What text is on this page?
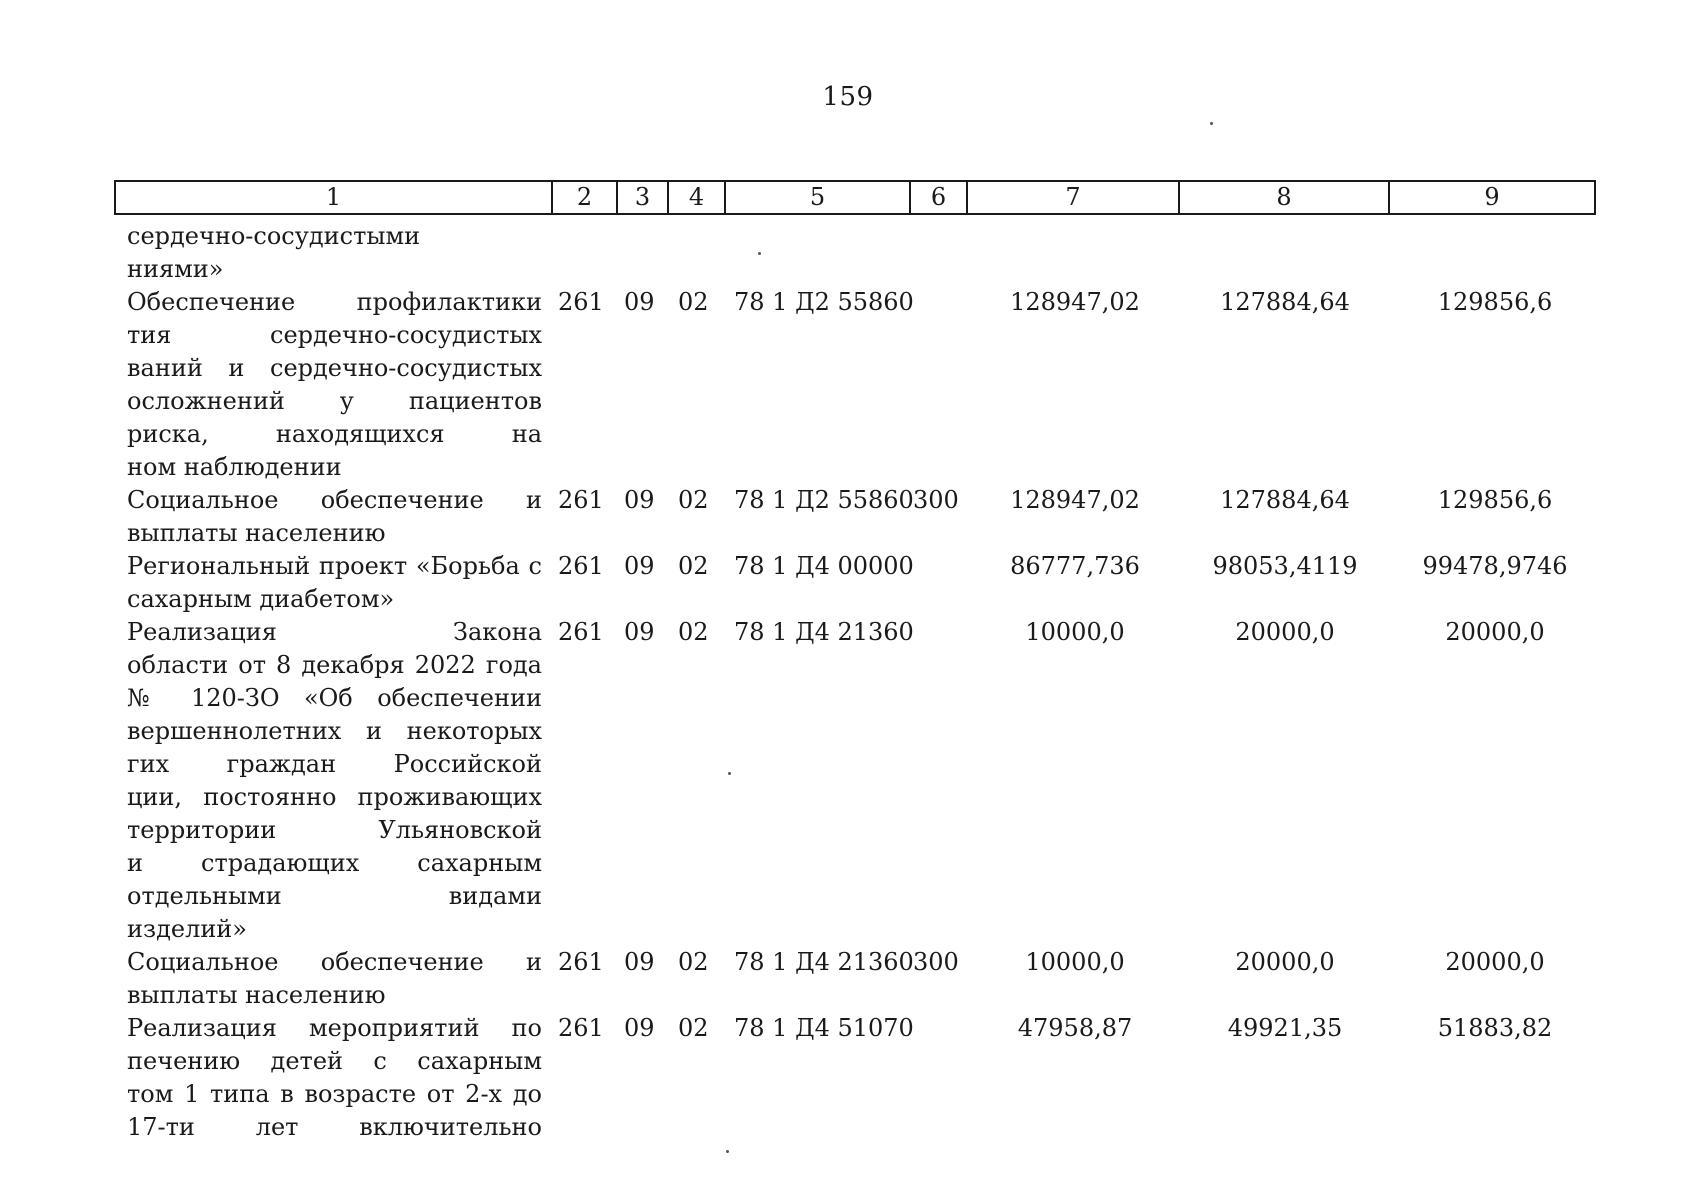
159
1	2	3	4	5	6	7	8	9
сердечно-сосудистыми
ниями»
Обеспечение профилактики
тия сердечно-сосудистых
ваний и сердечно-сосудистых
осложнений у пациентов
риска, находящихся на
ном наблюдении
261 09 02	78 1 Д2 55860	128947,02	127884,64	129856,6
Социальное обеспечение и
выплаты населению
261 09 02	78 1 Д2 55860 300	128947,02	127884,64	129856,6
Региональный проект «Борьба с
сахарным диабетом»
261 09 02	78 1 Д4 00000	86777,736	98053,4119	99478,9746
Реализация Закона
области от 8 декабря 2022 года
№ 120-ЗО «Об обеспечении
вершеннолетних и некоторых
гих граждан Российской
ции, постоянно проживающих
территории Ульяновской
и страдающих сахарным
отдельными видами
изделий»
261 09 02	78 1 Д4 21360	10000,0	20000,0	20000,0
Социальное обеспечение и
выплаты населению
261 09 02	78 1 Д4 21360 300	10000,0	20000,0	20000,0
Реализация мероприятий по
печению детей с сахарным
том 1 типа в возрасте от 2-х до
17-ти лет включительно
261 09 02	78 1 Д4 51070	47958,87	49921,35	51883,82
